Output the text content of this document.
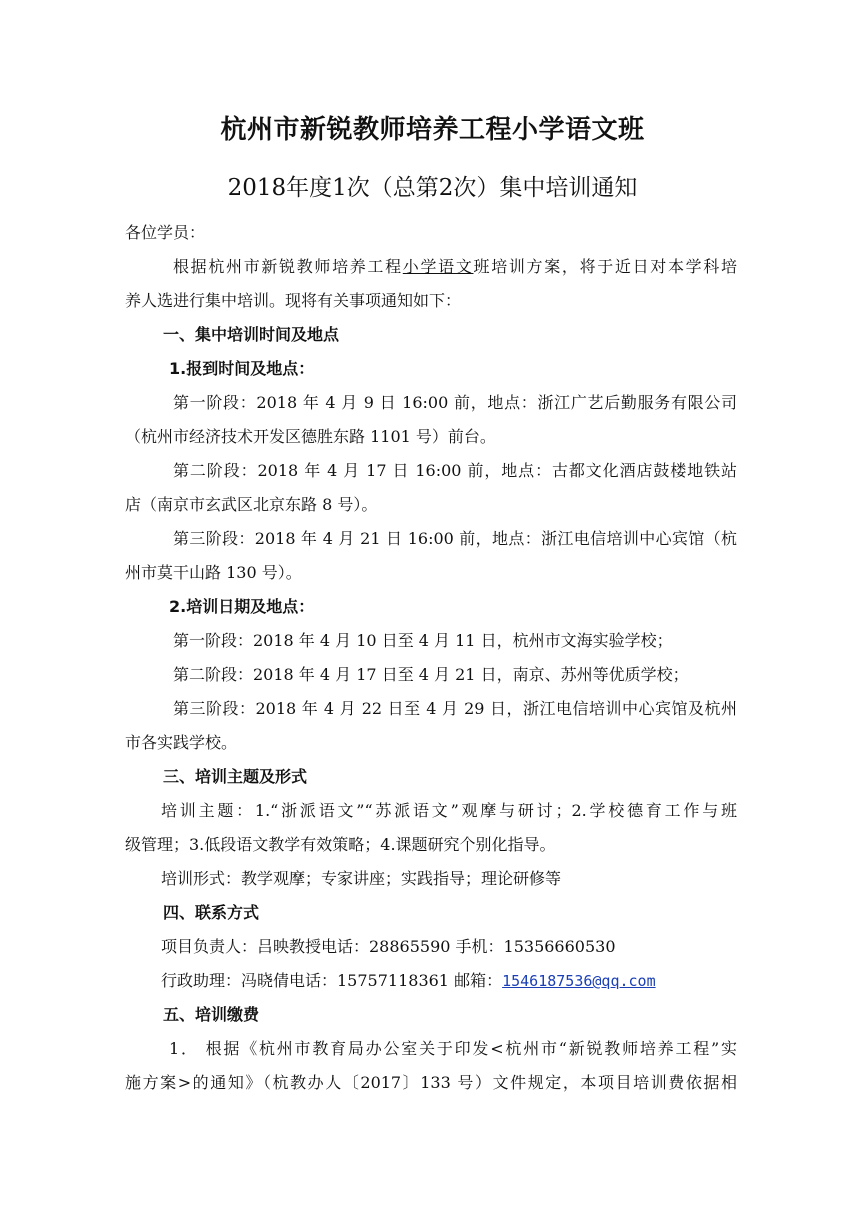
杭州市新锐教师培养工程小学语文班
2018年度1次（总第2次）集中培训通知
各位学员：
根据杭州市新锐教师培养工程小学语文班培训方案，将于近日对本学科培
养人选进行集中培训。现将有关事项通知如下：
一、集中培训时间及地点
1.报到时间及地点：
第一阶段：2018 年 4 月 9 日 16:00 前，地点：浙江广艺后勤服务有限公司
（杭州市经济技术开发区德胜东路 1101 号）前台。
第二阶段：2018 年 4 月 17 日 16:00 前，地点：古都文化酒店鼓楼地铁站
店（南京市玄武区北京东路 8 号）。
第三阶段：2018 年 4 月 21 日 16:00 前，地点：浙江电信培训中心宾馆（杭
州市莫干山路 130 号）。
2.培训日期及地点：
第一阶段：2018 年 4 月 10 日至 4 月 11 日，杭州市文海实验学校；
第二阶段：2018 年 4 月 17 日至 4 月 21 日，南京、苏州等优质学校；
第三阶段：2018 年 4 月 22 日至 4 月 29 日，浙江电信培训中心宾馆及杭州
市各实践学校。
三、培训主题及形式
培训主题：1.“浙派语文”“苏派语文”观摩与研讨；2.学校德育工作与班
级管理；3.低段语文教学有效策略；4.课题研究个别化指导。
培训形式：教学观摩；专家讲座；实践指导；理论研修等
四、联系方式
项目负责人：吕映教授电话：28865590 手机：15356660530
行政助理：冯晓倩电话：15757118361 邮箱：1546187536@qq.com
五、培训缴费
1． 根据《杭州市教育局办公室关于印发<杭州市“新锐教师培养工程”实
施方案>的通知》（杭教办人〔2017〕133 号）文件规定，本项目培训费依据相
